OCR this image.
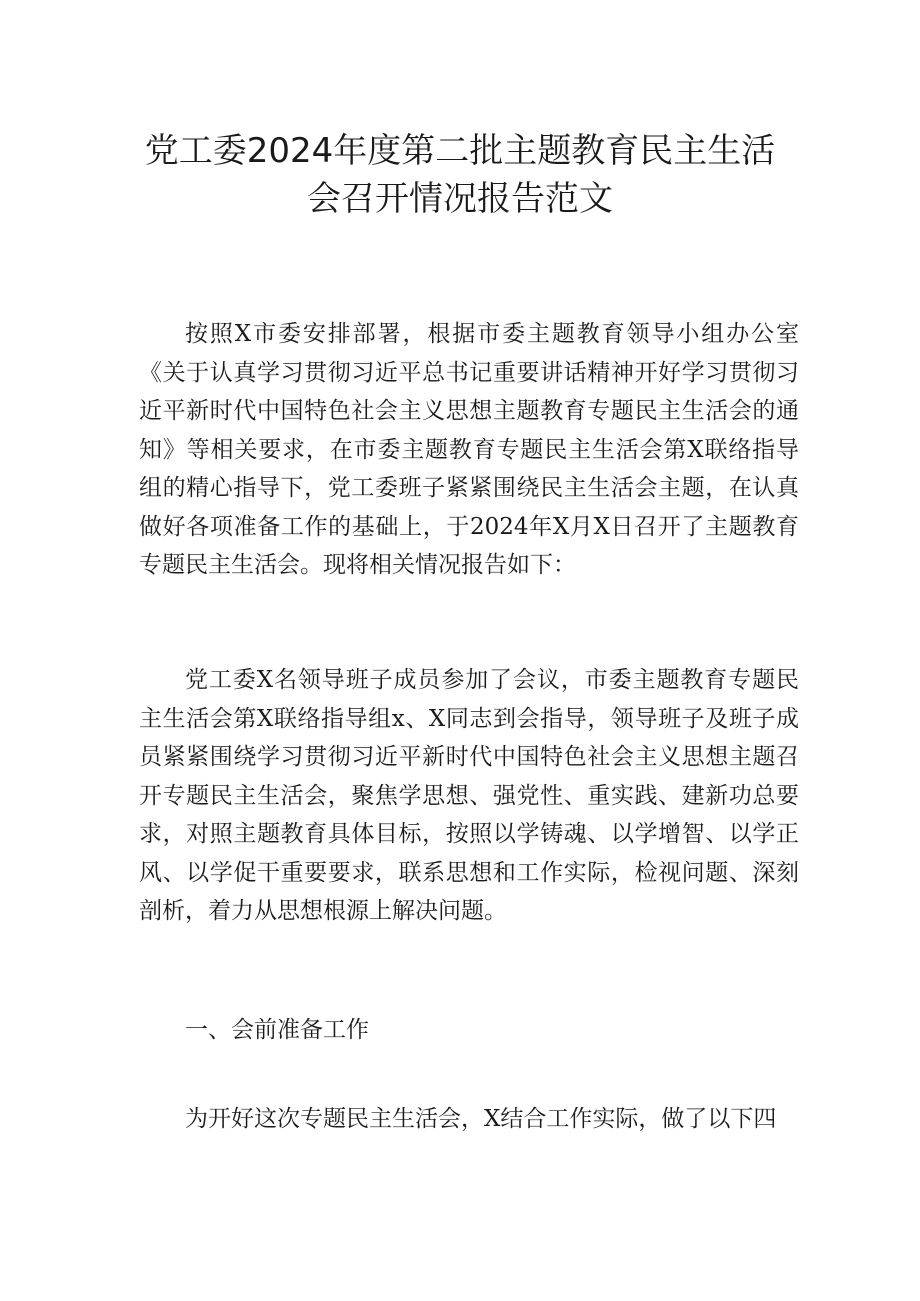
党工委2024年度第二批主题教育民主生活
会召开情况报告范文

按照X市委安排部署，根据市委主题教育领导小组办公室《关于认真学习贯彻习近平总书记重要讲话精神开好学习贯彻习近平新时代中国特色社会主义思想主题教育专题民主生活会的通知》等相关要求，在市委主题教育专题民主生活会第X联络指导组的精心指导下，党工委班子紧紧围绕民主生活会主题，在认真做好各项准备工作的基础上，于2024年X月X日召开了主题教育专题民主生活会。现将相关情况报告如下：

党工委X名领导班子成员参加了会议，市委主题教育专题民主生活会第X联络指导组x、X同志到会指导，领导班子及班子成员紧紧围绕学习贯彻习近平新时代中国特色社会主义思想主题召开专题民主生活会，聚焦学思想、强党性、重实践、建新功总要求，对照主题教育具体目标，按照以学铸魂、以学增智、以学正风、以学促干重要要求，联系思想和工作实际，检视问题、深刻剖析，着力从思想根源上解决问题。

一、会前准备工作

为开好这次专题民主生活会，X结合工作实际，做了以下四
